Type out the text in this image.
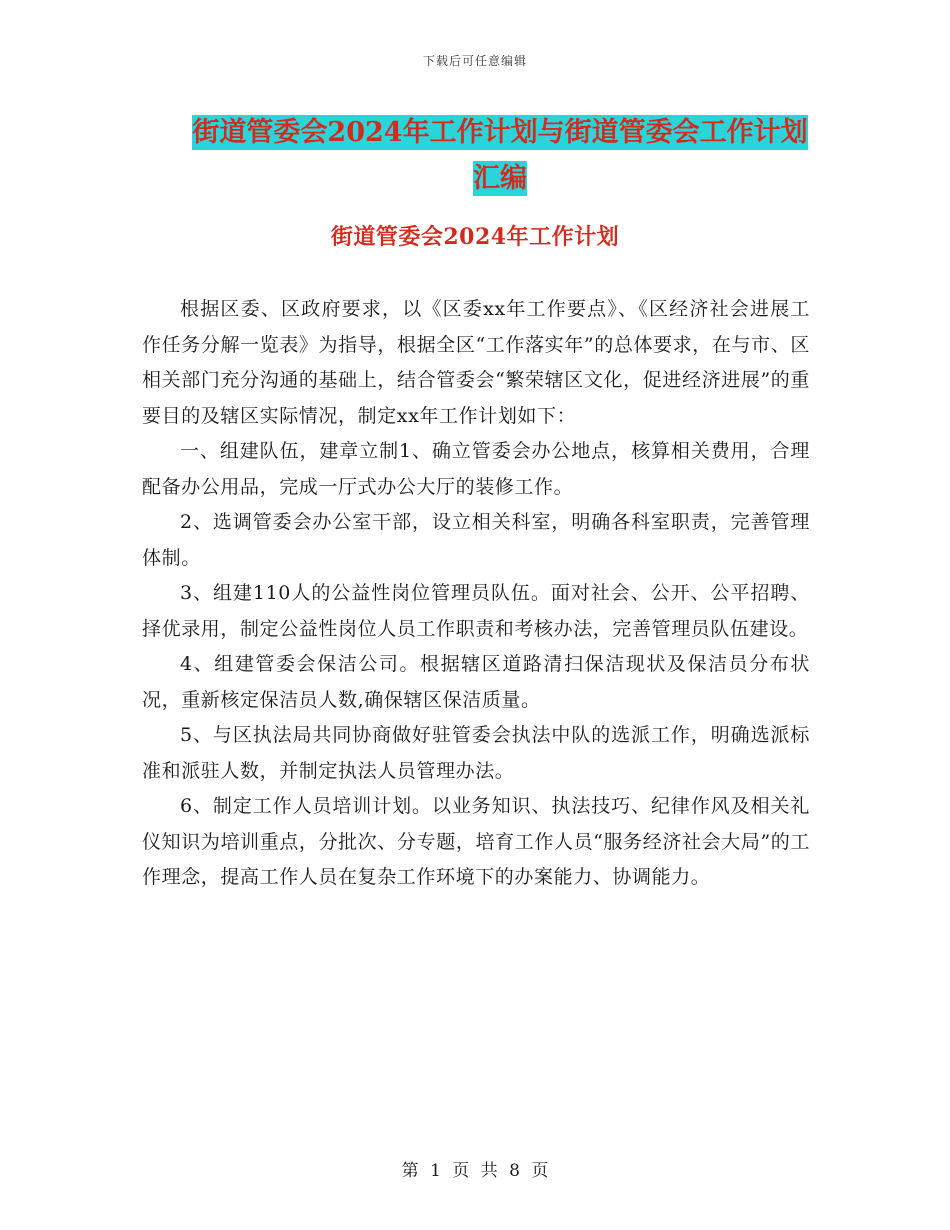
下载后可任意编辑
街道管委会2024年工作计划与街道管委会工作计划汇编
街道管委会2024年工作计划

根据区委、区政府要求，以《区委xx年工作要点》、《区经济社会进展工作任务分解一览表》为指导，根据全区“工作落实年”的总体要求，在与市、区相关部门充分沟通的基础上，结合管委会“繁荣辖区文化，促进经济进展”的重要目的及辖区实际情况，制定xx年工作计划如下：

一、组建队伍，建章立制1、确立管委会办公地点，核算相关费用，合理配备办公用品，完成一厅式办公大厅的装修工作。

2、选调管委会办公室干部，设立相关科室，明确各科室职责，完善管理体制。

3、组建110人的公益性岗位管理员队伍。面对社会、公开、公平招聘、择优录用，制定公益性岗位人员工作职责和考核办法，完善管理员队伍建设。

4、组建管委会保洁公司。根据辖区道路清扫保洁现状及保洁员分布状况，重新核定保洁员人数,确保辖区保洁质量。

5、与区执法局共同协商做好驻管委会执法中队的选派工作，明确选派标准和派驻人数，并制定执法人员管理办法。

6、制定工作人员培训计划。以业务知识、执法技巧、纪律作风及相关礼仪知识为培训重点，分批次、分专题，培育工作人员“服务经济社会大局”的工作理念，提高工作人员在复杂工作环境下的办案能力、协调能力。

第 1 页 共 8 页
